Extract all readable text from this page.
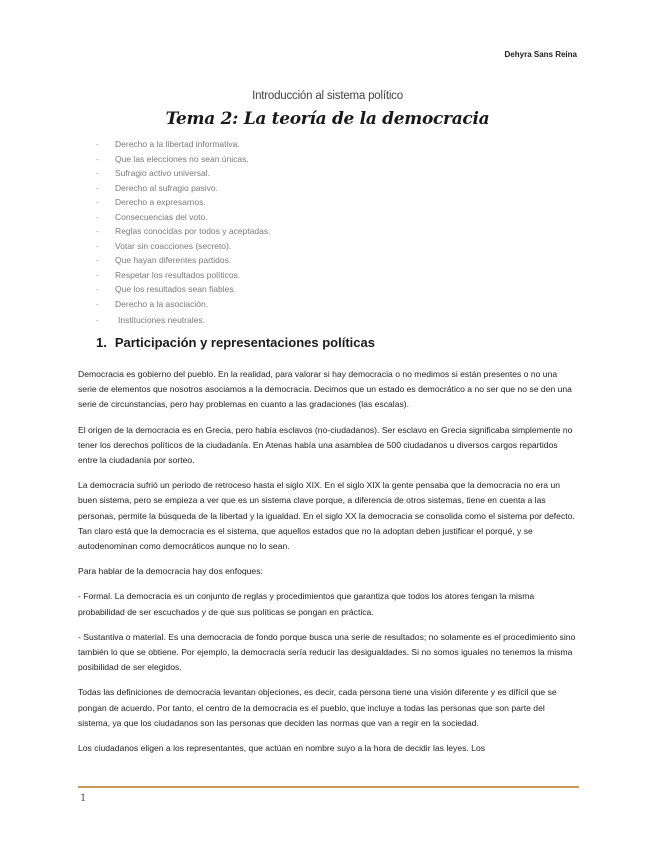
Dehyra Sans Reina
Introducción al sistema político
Tema 2: La teoría de la democracia
-	Derecho a la libertad informativa.
-	Que las elecciones no sean únicas.
-	Sufragio activo universal.
-	Derecho al sufragio pasivo.
-	Derecho a expresarnos.
-	Consecuencias del voto.
-	Reglas conocidas por todos y aceptadas.
-	Votar sin coacciones (secreto).
-	Que hayan diferentes partidos.
-	Respetar los resultados políticos.
-	Que los resultados sean fiables.
-	Derecho a la asociación.
-	Instituciones neutrales.
1. Participación y representaciones políticas

Democracia es gobierno del pueblo. En la realidad, para valorar si hay democracia o no medimos si están presentes o no una serie de elementos que nosotros asociamos a la democracia. Decimos que un estado es democrático a no ser que no se den una serie de circunstancias, pero hay problemas en cuanto a las gradaciones (las escalas).

El origen de la democracia es en Grecia, pero había esclavos (no-ciudadanos). Ser esclavo en Grecia significaba simplemente no tener los derechos políticos de la ciudadanía. En Atenas había una asamblea de 500 ciudadanos u diversos cargos repartidos entre la ciudadanía por sorteo.

La democracia sufrió un periodo de retroceso hasta el siglo XIX. En el siglo XIX la gente pensaba que la democracia no era un buen sistema, pero se empieza a ver que es un sistema clave porque, a diferencia de otros sistemas, tiene en cuenta a las personas, permite la búsqueda de la libertad y la igualdad. En el siglo XX la democracia se consolida como el sistema por defecto. Tan claro está que la democracia es el sistema, que aquellos estados que no la adoptan deben justificar el porqué, y se autodenominan como democráticos aunque no lo sean.

Para hablar de la democracia hay dos enfoques:

- Formal. La democracia es un conjunto de reglas y procedimientos que garantiza que todos los atores tengan la misma probabilidad de ser escuchados y de que sus políticas se pongan en práctica.

- Sustantiva o material. Es una democracia de fondo porque busca una serie de resultados; no solamente es el procedimiento sino también lo que se obtiene. Por ejemplo, la democracia sería reducir las desigualdades. Si no somos iguales no tenemos la misma posibilidad de ser elegidos.

Todas las definiciones de democracia levantan objeciones, es decir, cada persona tiene una visión diferente y es difícil que se pongan de acuerdo. Por tanto, el centro de la democracia es el pueblo, que incluye a todas las personas que son parte del sistema, ya que los ciudadanos son las personas que deciden las normas que van a regir en la sociedad.

Los ciudadanos eligen a los representantes, que actúan en nombre suyo a la hora de decidir las leyes. Los

1
